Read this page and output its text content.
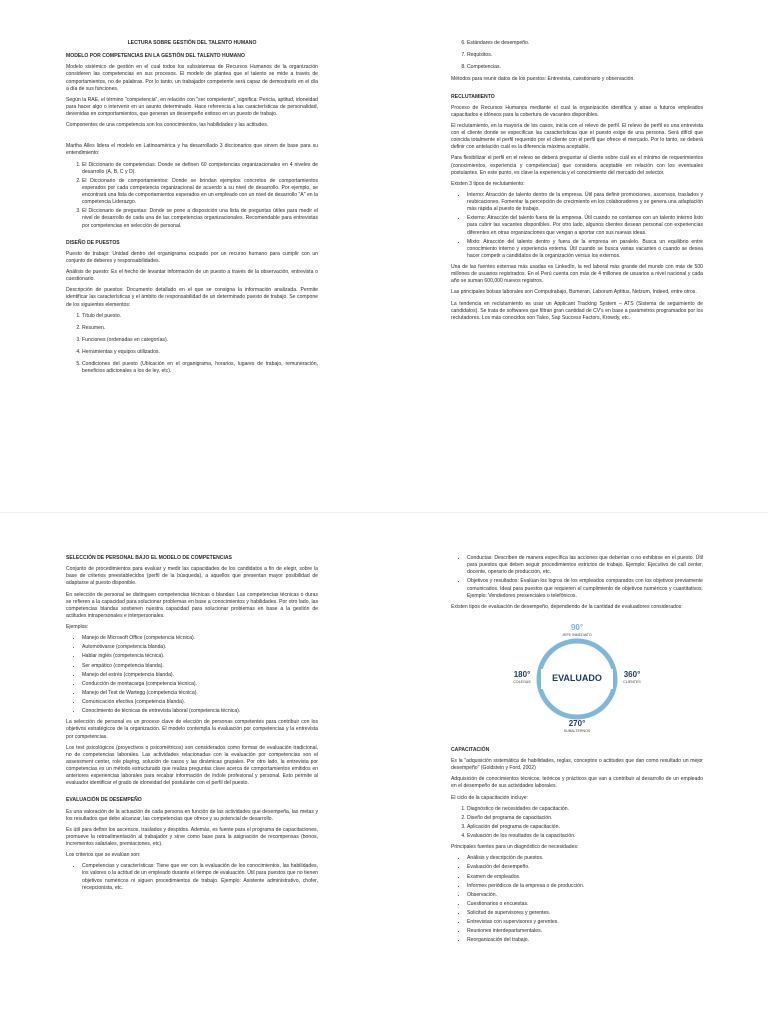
LECTURA SOBRE GESTIÓN DEL TALENTO HUMANO
MODELO POR COMPETENCIAS EN LA GESTIÓN DEL TALENTO HUMANO

Modelo sistémico de gestión en el cual todos los subsistemas de Recursos Humanos de la organización consideren las competencias en sus procesos. El modelo de plantea que el talento se mide a través de comportamientos, no de palabras. Por lo tanto, un trabajador competente será capaz de demostrarlo en el día a día de sus funciones.

Según la RAE, el término "competencia", en relación con "ser competente", significa: Pericia, aptitud, idoneidad para hacer algo o intervenir en un asunto determinado. Hace referencia a las características de personalidad, devenidas en comportamientos, que generan un desempeño exitoso en un puesto de trabajo.

Componentes de una competencia son los conocimientos, las habilidades y las actitudes.

Martha Alles lidera el modelo en Latinoamérica y ha desarrollado 3 diccionarios que sirven de base para su entendimiento:

1. El Diccionario de competencias: Donde se definen 60 competencias organizacionales en 4 niveles de desarrollo (A, B, C y D).
2. El Diccionario de comportamientos: Donde se brindan ejemplos concretos de comportamientos esperados por cada competencia organizacional de acuerdo a su nivel de desarrollo. Por ejemplo, se encontrará una lista de comportamientos esperados en un empleado con un nivel de desarrollo "A" en la competencia Liderazgo.
3. El Diccionario de preguntas: Donde se pone a disposición una lista de preguntas útiles para medir el nivel de desarrollo de cada una de las competencias organizacionales. Recomendable para entrevistas por competencias en selección de personal.
DISEÑO DE PUESTOS

Puesto de trabajo: Unidad dentro del organigrama ocupado por un recurso humano para cumplir con un conjunto de deberes y responsabilidades.

Análisis de puesto: Es el hecho de levantar información de un puesto a través de la observación, entrevista o cuestionario.

Descripción de puestos: Documento detallado en el que se consigna la información analizada. Permite identificar las características y el ámbito de responsabilidad de un determinado puesto de trabajo. Se compone de los siguientes elementos:

1. Título del puesto.
2. Resumen.
3. Funciones (ordenadas en categorías).
4. Herramientas y equipos utilizados.
5. Condiciones del puesto (Ubicación en el organigrama, horarios, lugares de trabajo, remuneración, beneficios adicionales a los de ley, etc).
6. Estándares de desempeño.
7. Requisitos.
8. Competencias.

Métodos para reunir datos de los puestos: Entrevista, cuestionario y observación.

RECLUTAMIENTO

Proceso de Recursos Humanos mediante el cual la organización identifica y atrae a futuros empleados capacitados e idóneos para la cobertura de vacantes disponibles.

El reclutamiento, en la mayoría de los casos, inicia con el relevo de perfil. El relevo de perfil es una entrevista con el cliente donde se especifican las características que el puesto exige de una persona. Será difícil que coincida totalmente el perfil requerido por el cliente con el perfil que ofrece el mercado. Por lo tanto, se deberá definir con antelación cuál es la diferencia máxima aceptable.

Para flexibilizar el perfil en el relevo se deberá preguntar al cliente sobre cuál es el mínimo de requerimientos (conocimientos, experiencia y competencias) que considera aceptable en relación con los eventuales postulantes. En este punto, es clave la experiencia y el conocimiento del mercado del selector.

Existen 3 tipos de reclutamiento:

• Interno: Atracción de talento dentro de la empresa. Útil para definir promociones, ascensos, traslados y reubicaciones. Fomentar la percepción de crecimiento en los colaboradores y se genera una adaptación más rápida al puesto de trabajo.
• Externo: Atracción del talento fuera de la empresa. Útil cuando no contamos con un talento interno listo para cubrir las vacantes disponibles. Por otro lado, algunos clientes desean personal con experiencias diferentes en otras organizaciones que vengan a aportar con sus nuevas ideas.
• Mixto: Atracción del talento dentro y fuera de la empresa en paralelo. Busca un equilibrio entre conocimiento interno y experiencia externa. Útil cuando se busca varias vacantes o cuando se desea hacer competir a candidatos de la organización versus los externos.

Una de las fuentes externas más usadas es LinkedIn, la red laboral más grande del mundo con más de 500 millones de usuarios registrados. En el Perú cuenta con más de 4 millones de usuarios a nivel nacional y cada año se suman 600,000 nuevos registros.

Las principales bolsas laborales son Computrabajo, Bumeran, Laborum Aptitus, Netzum, Indeed, entre otros.

La tendencia en reclutamiento es usar un Applicant Tracking System – ATS (Sistema de seguimiento de candidatos). Se trata de softwares que filtran gran cantidad de CV's en base a parámetros programados por los reclutadores. Los más conocidos son Taleo, Sap Success Factors, Krowdy, etc.

SELECCIÓN DE PERSONAL BAJO EL MODELO DE COMPETENCIAS

Conjunto de procedimientos para evaluar y medir las capacidades de los candidatos a fin de elegir, sobre la base de criterios preestablecidos (perfil de la búsqueda), a aquellos que presentan mayor posibilidad de adaptarse al puesto disponible.

En selección de personal se distinguen competencias técnicas o blandas: Las competencias técnicas o duras se refieren a la capacidad para solucionar problemas en base a conocimientos y habilidades. Por otro lado, las competencias blandas sostienen nuestra capacidad para solucionar problemas en base a la gestión de actitudes intrapersonales e interpersonales.

Ejemplos:

• Manejo de Microsoft Office (competencia técnica).
• Automotivarse (competencia blanda).
• Hablar inglés (competencia técnica).
• Ser empático (competencia blanda).
• Manejo del estrés (competencia blanda).
• Conducción de montacarga (competencia técnica).
• Manejo del Test de Wartegg (competencia técnica).
• Comunicación efectiva (competencia blanda).
• Conocimiento de técnicas de entrevista laboral (competencia técnica).

La selección de personal es un proceso clave de elección de personas competentes para contribuir con los objetivos estratégicos de la organización. El modelo contempla la evaluación por competencias y la entrevista por competencias.

Los test psicológicos (proyectivos o psicométricos) son considerados como formas de evaluación tradicional, no de competencias laborales. Las actividades relacionadas con la evaluación por competencias son el assessment center, role playing, solución de casos y las dinámicas grupales. Por otro lado, la entrevista por competencias es un método estructurado que realiza preguntas clave acerca de comportamientos emitidos en anteriores experiencias laborales para recabar información de índole profesional y personal. Esto permite al evaluador identificar el grado de idoneidad del postulante con el perfil del puesto.

EVALUACIÓN DE DESEMPEÑO

Es una valoración de la actuación de cada persona en función de las actividades que desempeña, las metas y los resultados que debe alcanzar, las competencias que ofrece y su potencial de desarrollo.

Es útil para definir los ascensos, traslados y despidos. Además, es fuente para el programa de capacitaciones, promueve la retroalimentación al trabajador y sirve como base para la asignación de recompensas (bonos, incrementos salariales, premiaciones, etc).

Los criterios que se evalúan son:

• Competencias y características: Tiene que ver con la evaluación de los conocimientos, las habilidades, los valores o la actitud de un empleado durante el tiempo de evaluación. Útil para puestos que no tienen objetivos numéricos ni siguen procedimientos de trabajo. Ejemplo: Asistente administrativo, chofer, recepcionista, etc.
• Conductas: Describen de manera específica las acciones que deberían o no exhibirse en el puesto. Útil para puestos que deben seguir procedimientos estrictos de trabajo. Ejemplo: Ejecutivo de call center, docente, operario de producción, etc.
• Objetivos y resultados: Evalúan los logros de los empleados comparados con los objetivos previamente comunicados. Ideal para puestos que requieren el cumplimiento de objetivos numéricos y cuantitativos. Ejemplo: Vendedores presenciales o telefónicos.

Existen tipos de evaluación de desempeño, dependiendo de la cantidad de evaluadores considerados:

EVALUADO
90°
JEFE INMEDIATO
180°
COLEGAS
360°
CLIENTES
270°
SUBALTERNOS
CAPACITACIÓN

Es la "adquisición sistemática de habilidades, reglas, conceptos o actitudes que dan como resultado un mejor desempeño" (Goldstein y Ford, 2002)

Adquisición de conocimientos técnicos, teóricos y prácticos que van a contribuir al desarrollo de un empleado en el desempeño de sus actividades laborales.

El ciclo de la capacitación incluye:

1. Diagnóstico de necesidades de capacitación.
2. Diseño del programa de capacitación.
3. Aplicación del programa de capacitación.
4. Evaluación de los resultados de la capacitación.

Principales fuentes para un diagnóstico de necesidades:

• Análisis y descripción de puestos.
• Evaluación del desempeño.
• Examen de empleados.
• Informes periódicos de la empresa o de producción.
• Observación.
• Cuestionarios o encuestas.
• Solicitud de supervisores y gerentes.
• Entrevistas con supervisores y gerentes.
• Reuniones interdepartamentales.
• Reorganización del trabajo.
